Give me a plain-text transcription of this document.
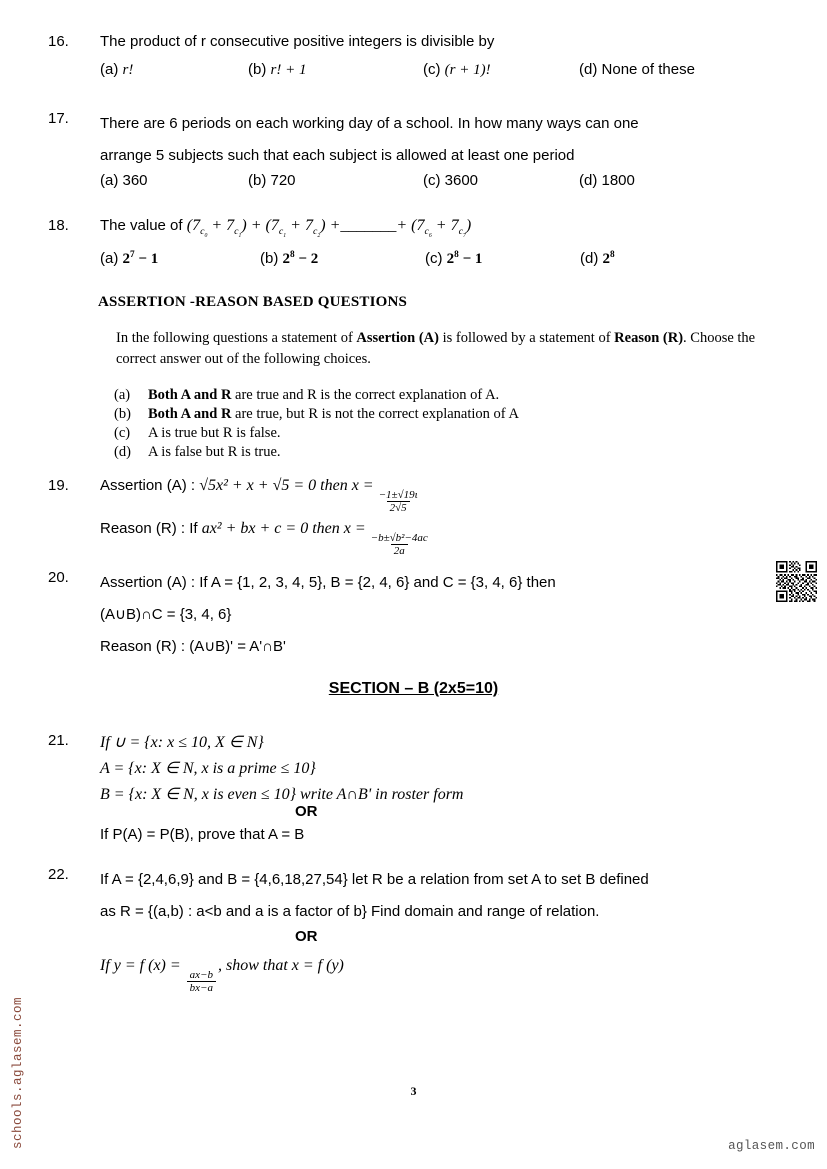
16.	The product of r consecutive positive integers is divisible by
(a) r!	(b) r! + 1	(c) (r + 1)!	(d) None of these
17.	There are 6 periods on each working day of a school. In how many ways can one
arrange 5 subjects such that each subject is allowed at least one period
(a) 360	(b) 720	(c) 3600	(d) 1800
18.	The value of $(7_{c_0} + 7_{c_1}) + (7_{c_1} + 7_{c_2})$ +_______+ $(7_{c_6} + 7_{c_7})$
(a) $2^7 - 1$	(b) $2^8 - 2$	(c) $2^8 - 1$	(d) $2^8$
ASSERTION -REASON BASED QUESTIONS
In the following questions a statement of Assertion (A) is followed by a statement of Reason (R). Choose the correct answer out of the following choices.
(a)	Both A and R are true and R is the correct explanation of A.
(b)	Both A and R are true, but R is not the correct explanation of A
(c)	A is true but R is false.
(d)	A is false but R is true.
19.	Assertion (A) : √5x² + x + √5 = 0 then x =
$\frac{-1\pm√19\iota}{2√5}$
Reason (R) : If ax² + bx + c = 0 then x =
$\frac{\text{−b±√b²−4ac}}{2a}$
20.	Assertion (A) : If A = {1, 2, 3, 4, 5}, B = {2, 4, 6} and C = {3, 4, 6} then
(A∪B)∩C = {3, 4, 6}
Reason (R) : (A∪B)' = A'∩B'
SECTION – B (2x5=10)
21.	If ∪ = {x: x ≤ 10, X ∈ N}
A = {x: X ∈ N, x is a prime ≤ 10}
B = {x: X ∈ N, x is even ≤ 10} write A∩B' in roster form
OR
If P(A) = P(B), prove that A = B
22.	If A = {2,4,6,9} and B = {4,6,18,27,54} let R be a relation from set A to set B defined
as R = {(a,b) : a<b and a is a factor of b} Find domain and range of relation.
OR
If y = f (x) =
$\frac{ax-b}{bx-a}$
, show that x = f (y)
schools.aglasem.com	3
aglasem.com
